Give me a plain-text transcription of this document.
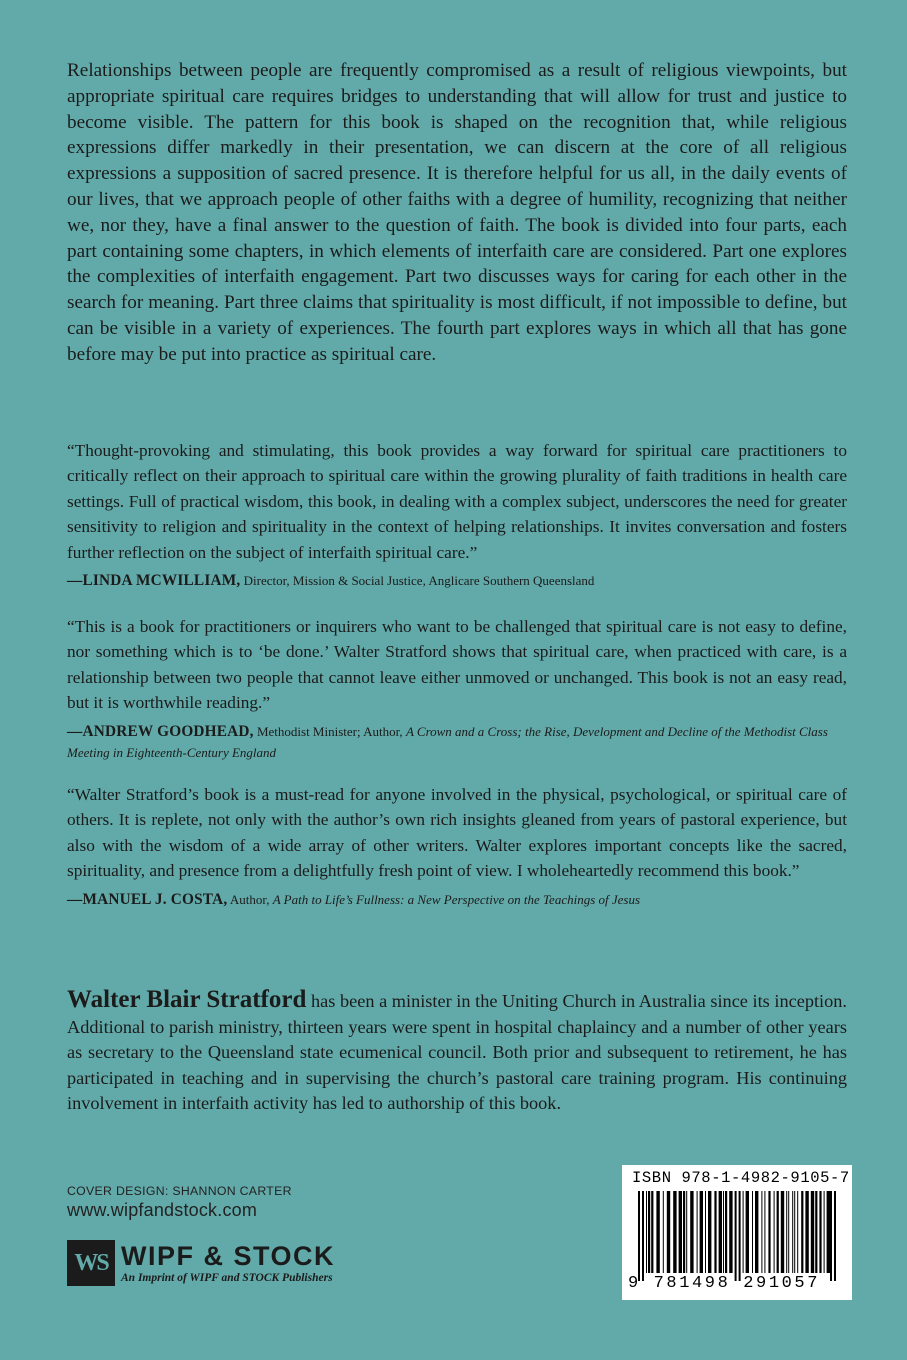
Relationships between people are frequently compromised as a result of religious viewpoints, but appropriate spiritual care requires bridges to understanding that will allow for trust and justice to become visible. The pattern for this book is shaped on the recognition that, while religious expressions differ markedly in their presentation, we can discern at the core of all religious expressions a supposition of sacred presence. It is therefore helpful for us all, in the daily events of our lives, that we approach people of other faiths with a degree of humility, recognizing that neither we, nor they, have a final answer to the question of faith. The book is divided into four parts, each part containing some chapters, in which elements of interfaith care are considered. Part one explores the complexities of interfaith engagement. Part two discusses ways for caring for each other in the search for meaning. Part three claims that spirituality is most difficult, if not impossible to define, but can be visible in a variety of experiences. The fourth part explores ways in which all that has gone before may be put into practice as spiritual care.

“Thought-provoking and stimulating, this book provides a way forward for spiritual care practitioners to critically reflect on their approach to spiritual care within the growing plurality of faith traditions in health care settings. Full of practical wisdom, this book, in dealing with a complex subject, underscores the need for greater sensitivity to religion and spirituality in the context of helping relationships. It invites conversation and fosters further reflection on the subject of interfaith spiritual care.”

—LINDA MCWILLIAM, Director, Mission & Social Justice, Anglicare Southern Queensland

“This is a book for practitioners or inquirers who want to be challenged that spiritual care is not easy to define, nor something which is to ‘be done.’ Walter Stratford shows that spiritual care, when practiced with care, is a relationship between two people that cannot leave either unmoved or unchanged. This book is not an easy read, but it is worthwhile reading.”

—ANDREW GOODHEAD, Methodist Minister; Author, A Crown and a Cross; the Rise, Development and Decline of the Methodist Class Meeting in Eighteenth-Century England

“Walter Stratford’s book is a must-read for anyone involved in the physical, psychological, or spiritual care of others. It is replete, not only with the author’s own rich insights gleaned from years of pastoral experience, but also with the wisdom of a wide array of other writers. Walter explores important concepts like the sacred, spirituality, and presence from a delightfully fresh point of view. I wholeheartedly recommend this book.”

—MANUEL J. COSTA, Author, A Path to Life’s Fullness: a New Perspective on the Teachings of Jesus

Walter Blair Stratford has been a minister in the Uniting Church in Australia since its inception. Additional to parish ministry, thirteen years were spent in hospital chaplaincy and a number of other years as secretary to the Queensland state ecumenical council. Both prior and subsequent to retirement, he has participated in teaching and in supervising the church’s pastoral care training program. His continuing involvement in interfaith activity has led to authorship of this book.

COVER DESIGN: SHANNON CARTER
www.wipfandstock.com
WS WIPF & STOCK
An Imprint of WIPF and STOCK Publishers
ISBN 978-1-4982-9105-7
9 781498 291057
